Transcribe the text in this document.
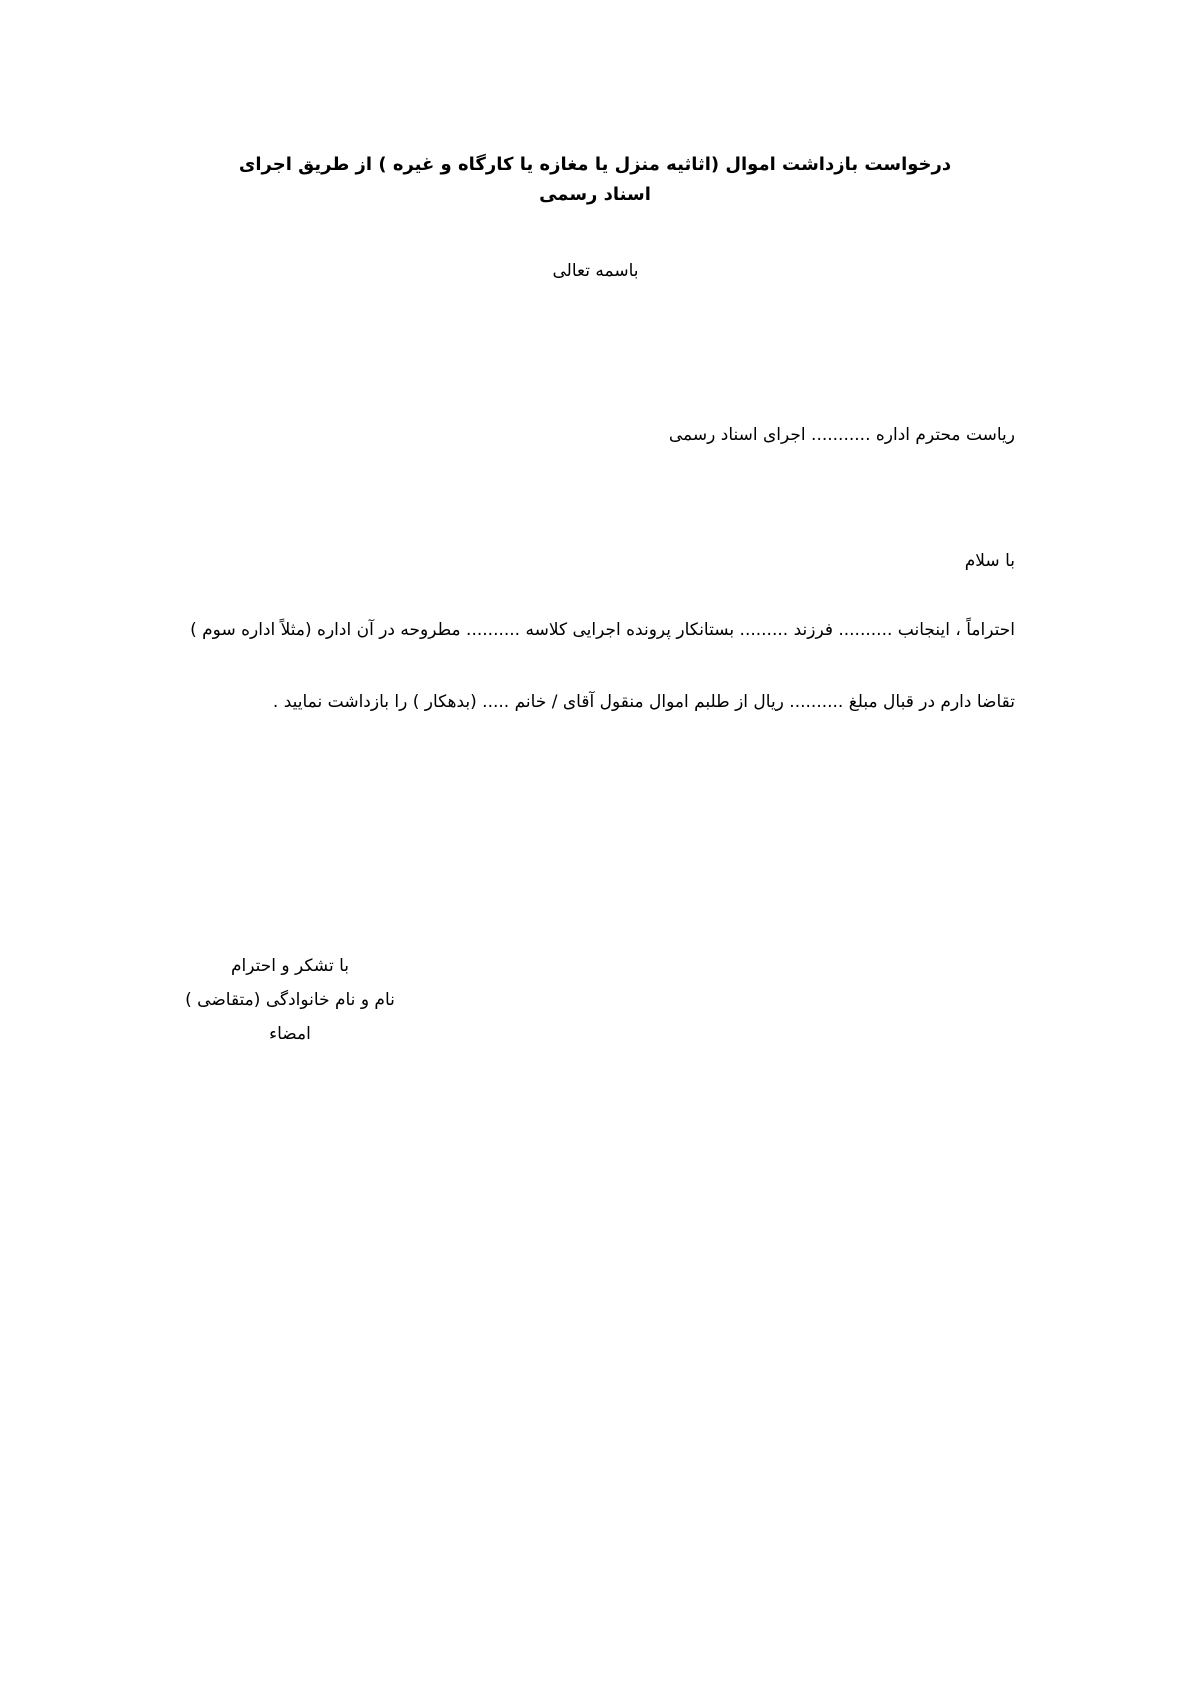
درخواست بازداشت اموال (اثاثیه منزل یا مغازه یا کارگاه و غیره ) از طریق اجرای اسناد رسمی
باسمه تعالی
ریاست محترم اداره ........... اجرای اسناد رسمی
با سلام
احتراماً ، اینجانب .......... فرزند ......... بستانکار پرونده اجرایی کلاسه .......... مطروحه در آن اداره (مثلاً اداره سوم )
تقاضا دارم در قبال مبلغ .......... ریال از طلبم اموال منقول آقای / خانم ..... (بدهکار ) را بازداشت نمایید .
با تشکر و احترام
نام و نام خانوادگی (متقاضی )
امضاء
